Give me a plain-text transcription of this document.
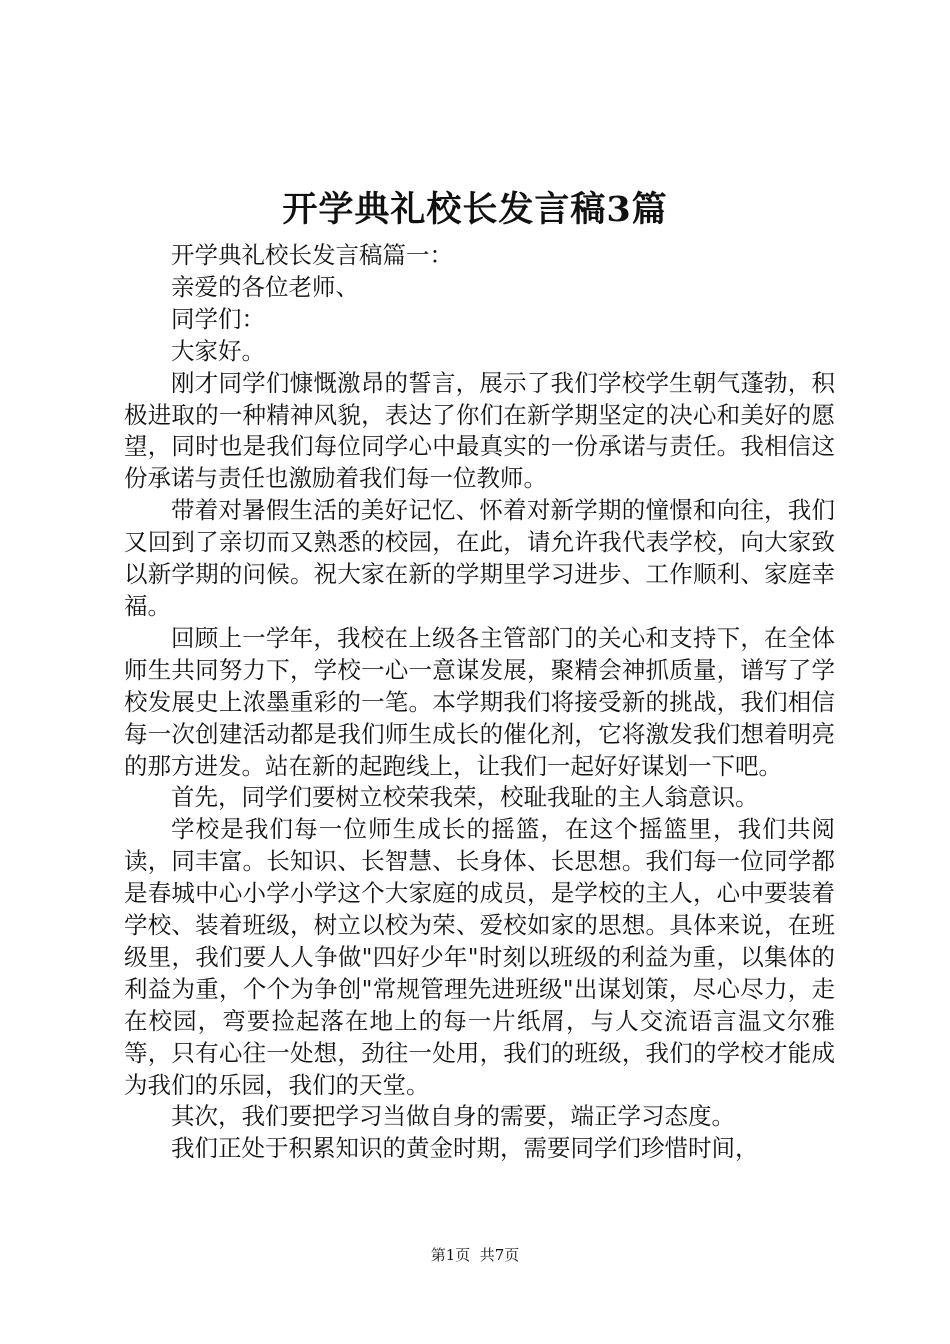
开学典礼校长发言稿3篇

开学典礼校长发言稿篇一：

亲爱的各位老师、

同学们：

大家好。

刚才同学们慷慨激昂的誓言，展示了我们学校学生朝气蓬勃，积极进取的一种精神风貌，表达了你们在新学期坚定的决心和美好的愿望，同时也是我们每位同学心中最真实的一份承诺与责任。我相信这份承诺与责任也激励着我们每一位教师。

带着对暑假生活的美好记忆、怀着对新学期的憧憬和向往，我们又回到了亲切而又熟悉的校园，在此，请允许我代表学校，向大家致以新学期的问候。祝大家在新的学期里学习进步、工作顺利、家庭幸福。

回顾上一学年，我校在上级各主管部门的关心和支持下，在全体师生共同努力下，学校一心一意谋发展，聚精会神抓质量，谱写了学校发展史上浓墨重彩的一笔。本学期我们将接受新的挑战，我们相信每一次创建活动都是我们师生成长的催化剂，它将激发我们想着明亮的那方进发。站在新的起跑线上，让我们一起好好谋划一下吧。

首先，同学们要树立校荣我荣，校耻我耻的主人翁意识。

学校是我们每一位师生成长的摇篮，在这个摇篮里，我们共阅读，同丰富。长知识、长智慧、长身体、长思想。我们每一位同学都是春城中心小学小学这个大家庭的成员，是学校的主人，心中要装着学校、装着班级，树立以校为荣、爱校如家的思想。具体来说，在班级里，我们要人人争做"四好少年"时刻以班级的利益为重，以集体的利益为重，个个为争创"常规管理先进班级"出谋划策，尽心尽力，走在校园，弯要捡起落在地上的每一片纸屑，与人交流语言温文尔雅等，只有心往一处想，劲往一处用，我们的班级，我们的学校才能成为我们的乐园，我们的天堂。

其次，我们要把学习当做自身的需要，端正学习态度。

我们正处于积累知识的黄金时期，需要同学们珍惜时间，

第1页  共7页
